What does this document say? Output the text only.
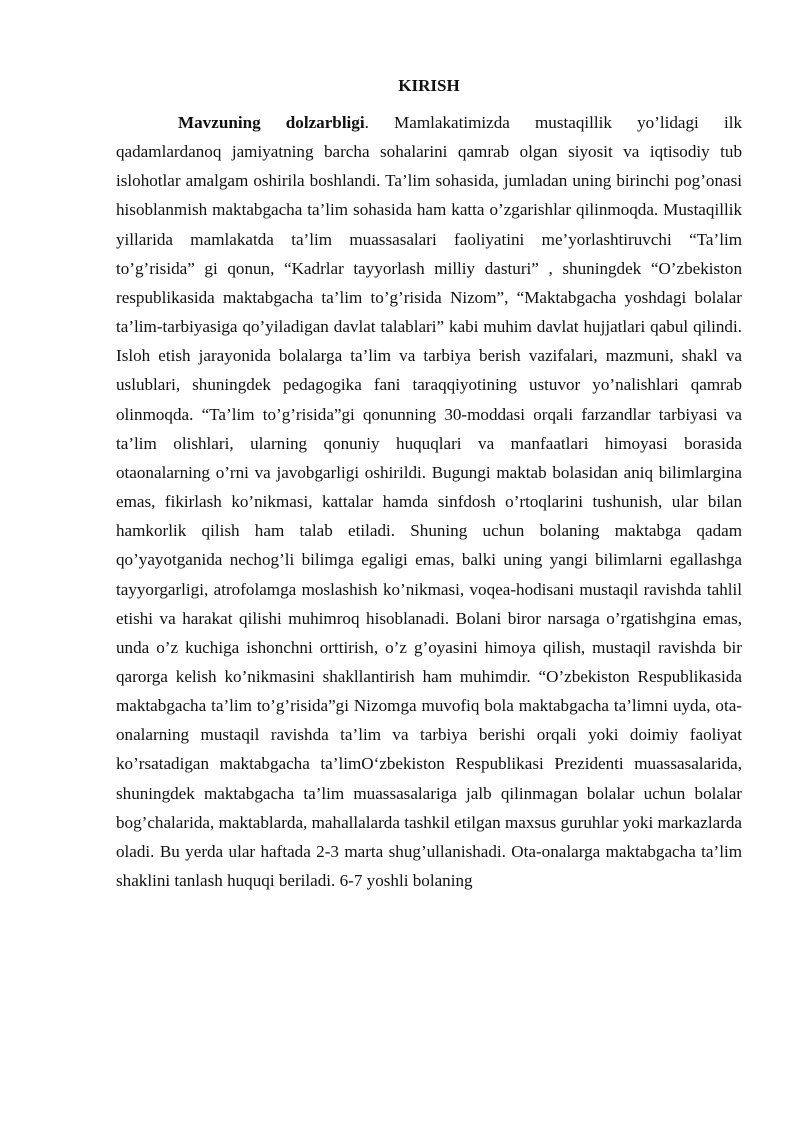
KIRISH

Mavzuning dolzarbligi. Mamlakatimizda mustaqillik yo’lidagi ilk qadamlardanoq jamiyatning barcha sohalarini qamrab olgan siyosit va iqtisodiy tub islohotlar amalgam oshirila boshlandi. Ta’lim sohasida, jumladan uning birinchi pog’onasi hisoblanmish maktabgacha ta’lim sohasida ham katta o’zgarishlar qilinmoqda. Mustaqillik yillarida mamlakatda ta’lim muassasalari faoliyatini me’yorlashtiruvchi “Ta’lim to’g’risida” gi qonun, “Kadrlar tayyorlash milliy dasturi” , shuningdek “O’zbekiston respublikasida maktabgacha ta’lim to’g’risida Nizom”, “Maktabgacha yoshdagi bolalar ta’lim-tarbiyasiga qo’yiladigan davlat talablari” kabi muhim davlat hujjatlari qabul qilindi. Isloh etish jarayonida bolalarga ta’lim va tarbiya berish vazifalari, mazmuni, shakl va uslublari, shuningdek pedagogika fani taraqqiyotining ustuvor yo’nalishlari qamrab olinmoqda. “Ta’lim to’g’risida”gi qonunning 30-moddasi orqali farzandlar tarbiyasi va ta’lim olishlari, ularning qonuniy huquqlari va manfaatlari himoyasi borasida otaonalarning o’rni va javobgarligi oshirildi. Bugungi maktab bolasidan aniq bilimlargina emas, fikirlash ko’nikmasi, kattalar hamda sinfdosh o’rtoqlarini tushunish, ular bilan hamkorlik qilish ham talab etiladi. Shuning uchun bolaning maktabga qadam qo’yayotganida nechog’li bilimga egaligi emas, balki uning yangi bilimlarni egallashga tayyorgarligi, atrofolamga moslashish ko’nikmasi, voqea-hodisani mustaqil ravishda tahlil etishi va harakat qilishi muhimroq hisoblanadi. Bolani biror narsaga o’rgatishgina emas, unda o’z kuchiga ishonchni orttirish, o’z g’oyasini himoya qilish, mustaqil ravishda bir qarorga kelish ko’nikmasini shakllantirish ham muhimdir. “O’zbekiston Respublikasida maktabgacha ta’lim to’g’risida”gi Nizomga muvofiq bola maktabgacha ta’limni uyda, ota-onalarning mustaqil ravishda ta’lim va tarbiya berishi orqali yoki doimiy faoliyat ko’rsatadigan maktabgacha ta’limO‘zbekiston Respublikasi Prezidenti muassasalarida, shuningdek maktabgacha ta’lim muassasalariga jalb qilinmagan bolalar uchun bolalar bog’chalarida, maktablarda, mahallalarda tashkil etilgan maxsus guruhlar yoki markazlarda oladi. Bu yerda ular haftada 2-3 marta shug’ullanishadi. Ota-onalarga maktabgacha ta’lim shaklini tanlash huquqi beriladi. 6-7 yoshli bolaning
